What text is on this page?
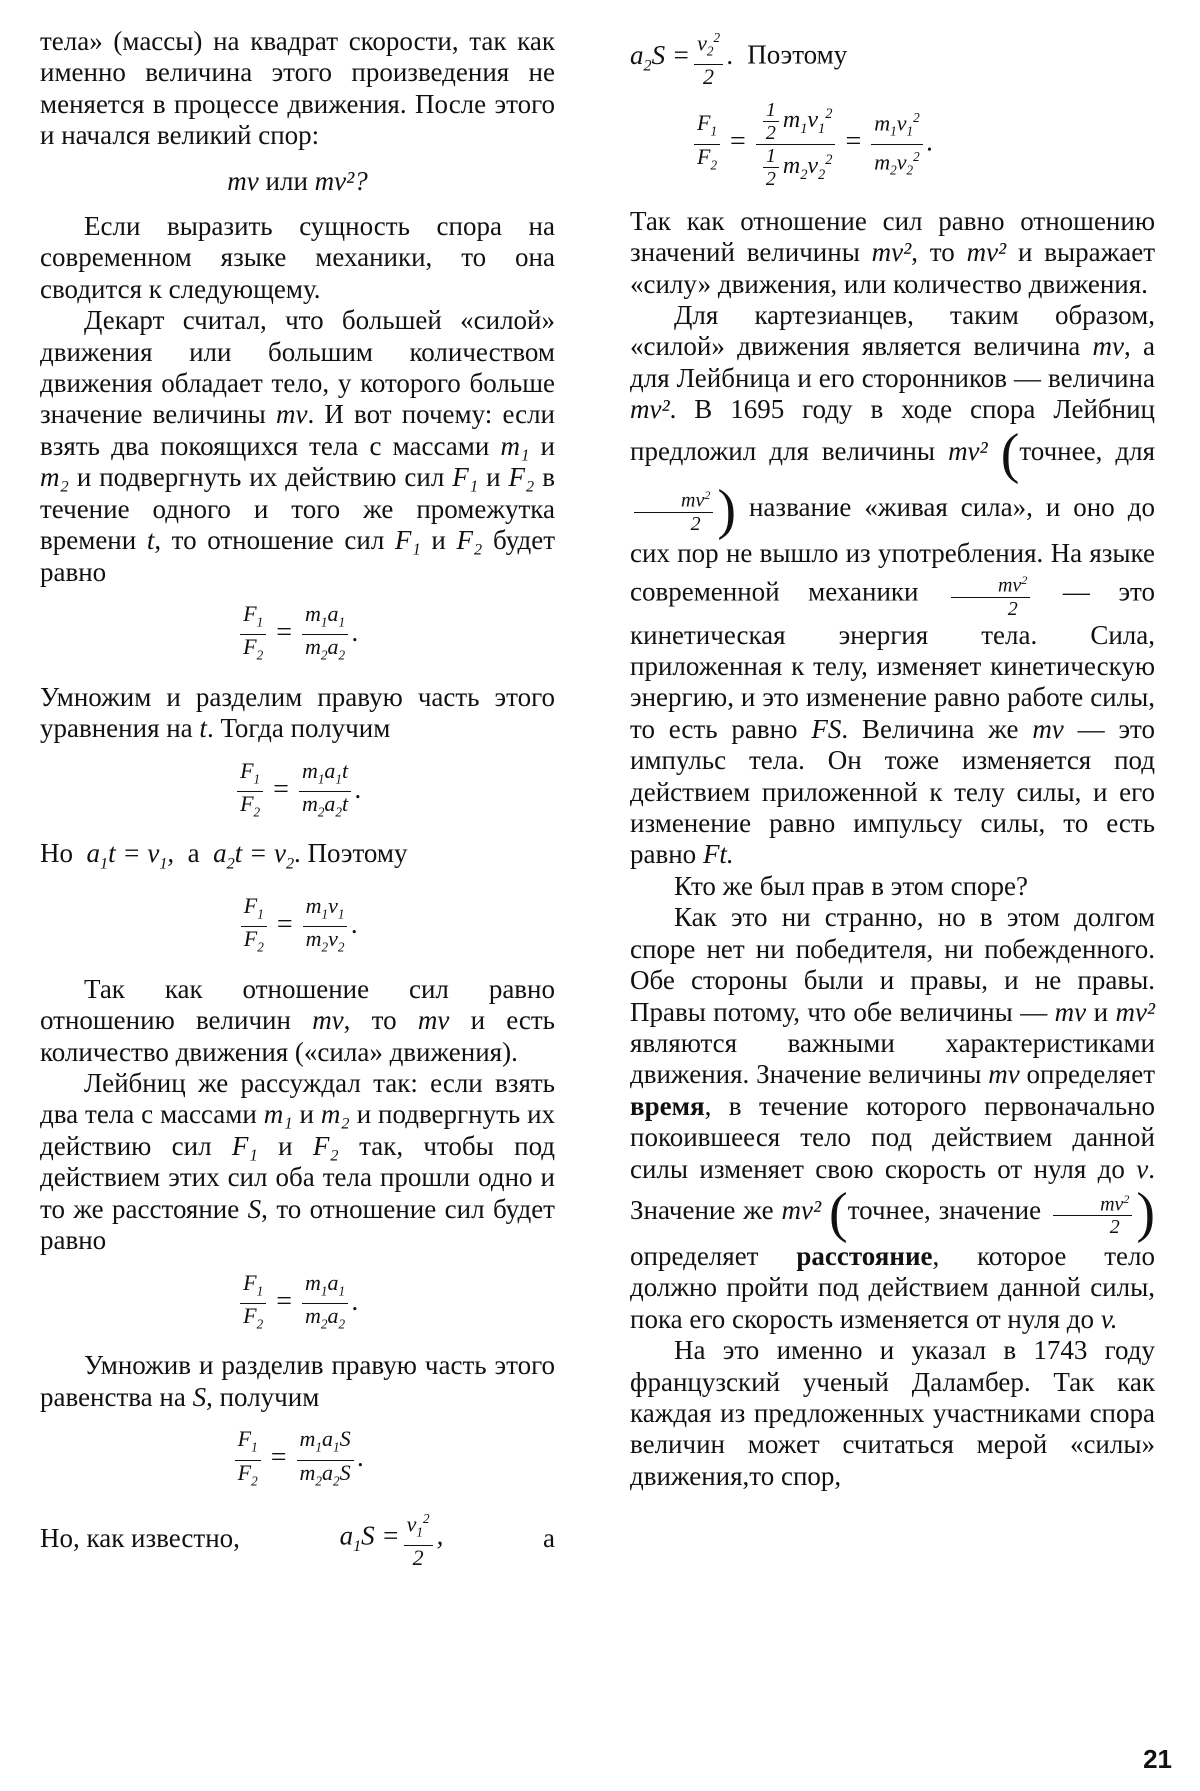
тела» (массы) на квадрат скорости, так как именно величина этого произведения не меняется в процессе движения. После этого и начался великий спор:

mv или mv²?

Если выразить сущность спора на современном языке механики, то она сводится к следующему.

Декарт считал, что большей «силой» движения или большим количеством движения обладает тело, у которого больше значение величины mv. И вот почему: если взять два покоящихся тела с массами m₁ и m₂ и подвергнуть их действию сил F₁ и F₂ в течение одного и того же промежутка времени t, то отношение сил F₁ и F₂ будет равно

$\frac{F_1}{F_2} = \frac{m_1a_1}{m_2a_2}$ .

Умножим и разделим правую часть этого уравнения на t. Тогда получим

$\frac{F_1}{F_2} = \frac{m_1a_1t}{m_2a_2t}$ .

Но $a_1t = v_1$, а $a_2t = v_2$. Поэтому

$\frac{F_1}{F_2} = \frac{m_1v_1}{m_2v_2}$ .

Так как отношение сил равно отношению величин mv, то mv и есть количество движения («сила» движения).

Лейбниц же рассуждал так: если взять два тела с массами m₁ и m₂ и подвергнуть их действию сил F₁ и F₂ так, чтобы под действием этих сил оба тела прошли одно и то же расстояние S, то отношение сил будет равно

$\frac{F_1}{F_2} = \frac{m_1a_1}{m_2a_2}$ .

Умножив и разделив правую часть этого равенства на S, получим

$\frac{F_1}{F_2} = \frac{m_1a_1S}{m_2a_2S}$ .

Но, как известно,	$a_1S = \frac{v_1^2}{2}$ ,	а

$a_2S = \frac{v_2^2}{2}$ . Поэтому

$\frac{F_1}{F_2} = \frac{\frac{1}{2} m_1v_1^2}{\frac{1}{2} m_2v_2^2} = \frac{m_1v_1^2}{m_2v_2^2}$ .

Так как отношение сил равно отношению значений величины mv², то mv² и выражает «силу» движения, или количество движения.

Для картезианцев, таким образом, «силой» движения является величина mv, а для Лейбница и его сторонников — величина mv². В 1695 году в ходе спора Лейбниц предложил для величины mv² (точнее, для
$\frac{mv^2}{2}$ ) название «живая сила», и оно до сих пор не вышло из употребления. На языке современной механики $\frac{mv^2}{2}$ — это кинетическая энергия тела. Сила, приложенная к телу, изменяет кинетическую энергию, и это изменение равно работе силы, то есть равно FS. Величина же mv — это импульс тела. Он тоже изменяется под действием приложенной к телу силы, и его изменение равно импульсу силы, то есть равно Ft.

Кто же был прав в этом споре?

Как это ни странно, но в этом долгом споре нет ни победителя, ни побежденного. Обе стороны были и правы, и не правы. Правы потому, что обе величины — mv и mv² являются важными характеристиками движения. Значение величины mv определяет время, в течение которого первоначально покоившееся тело под действием данной силы изменяет свою скорость от нуля до v. Значение же mv² (точнее, значение $\frac{mv^2}{2}$ ) определяет расстояние, которое тело должно пройти под действием данной силы, пока его скорость изменяется от нуля до v.

На это именно и указал в 1743 году французский ученый Даламбер. Так как каждая из предложенных участниками спора величин может считаться мерой «силы» движения,то спор,

21
